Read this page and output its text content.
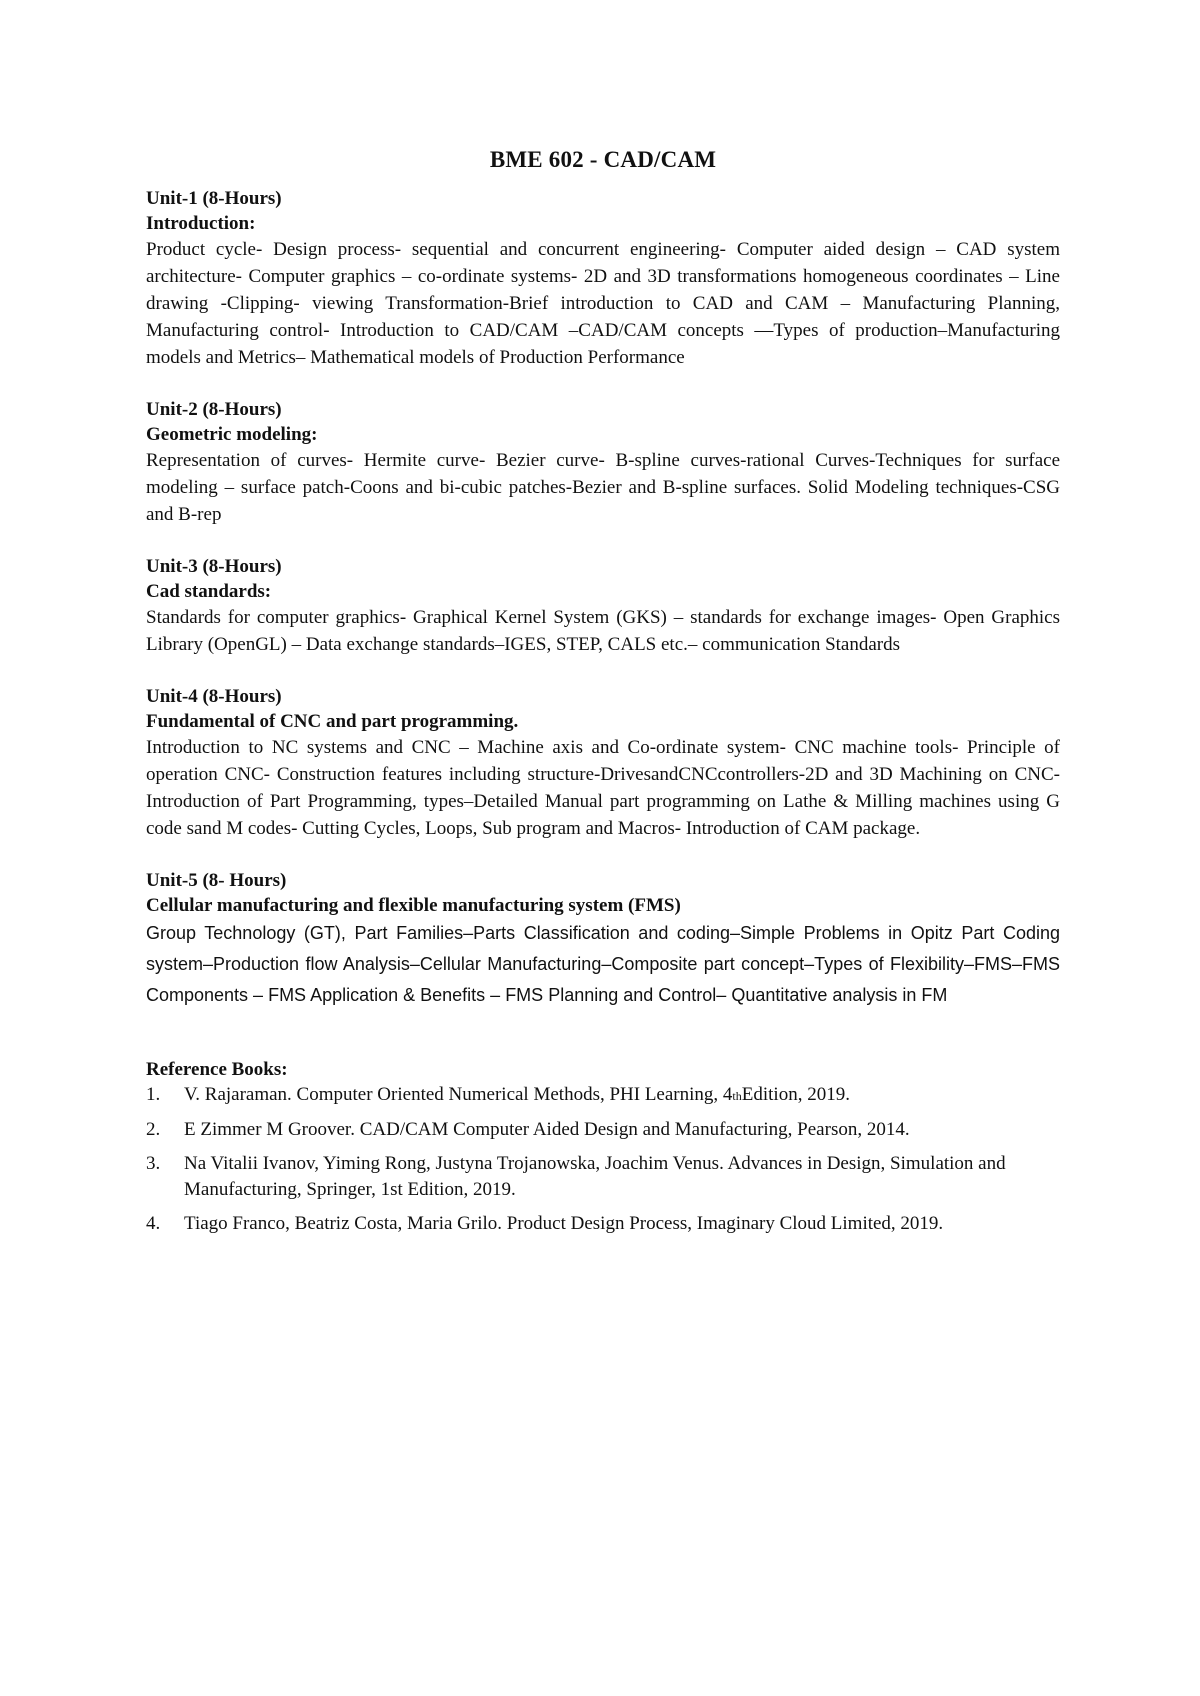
BME 602 - CAD/CAM

Unit-1 (8-Hours)

Introduction:

Product cycle- Design process- sequential and concurrent engineering- Computer aided design – CAD system architecture- Computer graphics – co-ordinate systems- 2D and 3D transformations homogeneous coordinates – Line drawing -Clipping- viewing Transformation-Brief introduction to CAD and CAM – Manufacturing Planning, Manufacturing control- Introduction to CAD/CAM –CAD/CAM concepts —Types of production–Manufacturing models and Metrics– Mathematical models of Production Performance

Unit-2 (8-Hours)

Geometric modeling:

Representation of curves- Hermite curve- Bezier curve- B-spline curves-rational Curves-Techniques for surface modeling – surface patch-Coons and bi-cubic patches-Bezier and B-spline surfaces. Solid Modeling techniques-CSG and B-rep

Unit-3 (8-Hours)

Cad standards:

Standards for computer graphics- Graphical Kernel System (GKS) – standards for exchange images- Open Graphics Library (OpenGL) – Data exchange standards–IGES, STEP, CALS etc.– communication Standards

Unit-4 (8-Hours)

Fundamental of CNC and part programming.

Introduction to NC systems and CNC – Machine axis and Co-ordinate system- CNC machine tools- Principle of operation CNC- Construction features including structure-DrivesandCNCcontrollers-2D and 3D Machining on CNC-Introduction of Part Programming, types–Detailed Manual part programming on Lathe & Milling machines using G code sand M codes- Cutting Cycles, Loops, Sub program and Macros- Introduction of CAM package.

Unit-5 (8- Hours)

Cellular manufacturing and flexible manufacturing system (FMS)

Group Technology (GT), Part Families–Parts Classification and coding–Simple Problems in Opitz Part Coding system–Production flow Analysis–Cellular Manufacturing–Composite part concept–Types of Flexibility–FMS–FMS Components – FMS Application & Benefits – FMS Planning and Control– Quantitative analysis in FM

Reference Books:

1.	V. Rajaraman. Computer Oriented Numerical Methods, PHI Learning, 4thEdition, 2019.
2.	E Zimmer M Groover. CAD/CAM Computer Aided Design and Manufacturing, Pearson, 2014.
3.	Na Vitalii Ivanov, Yiming Rong, Justyna Trojanowska, Joachim Venus. Advances in Design, Simulation and Manufacturing, Springer, 1st Edition, 2019.
4.	Tiago Franco, Beatriz Costa, Maria Grilo. Product Design Process, Imaginary Cloud Limited, 2019.
